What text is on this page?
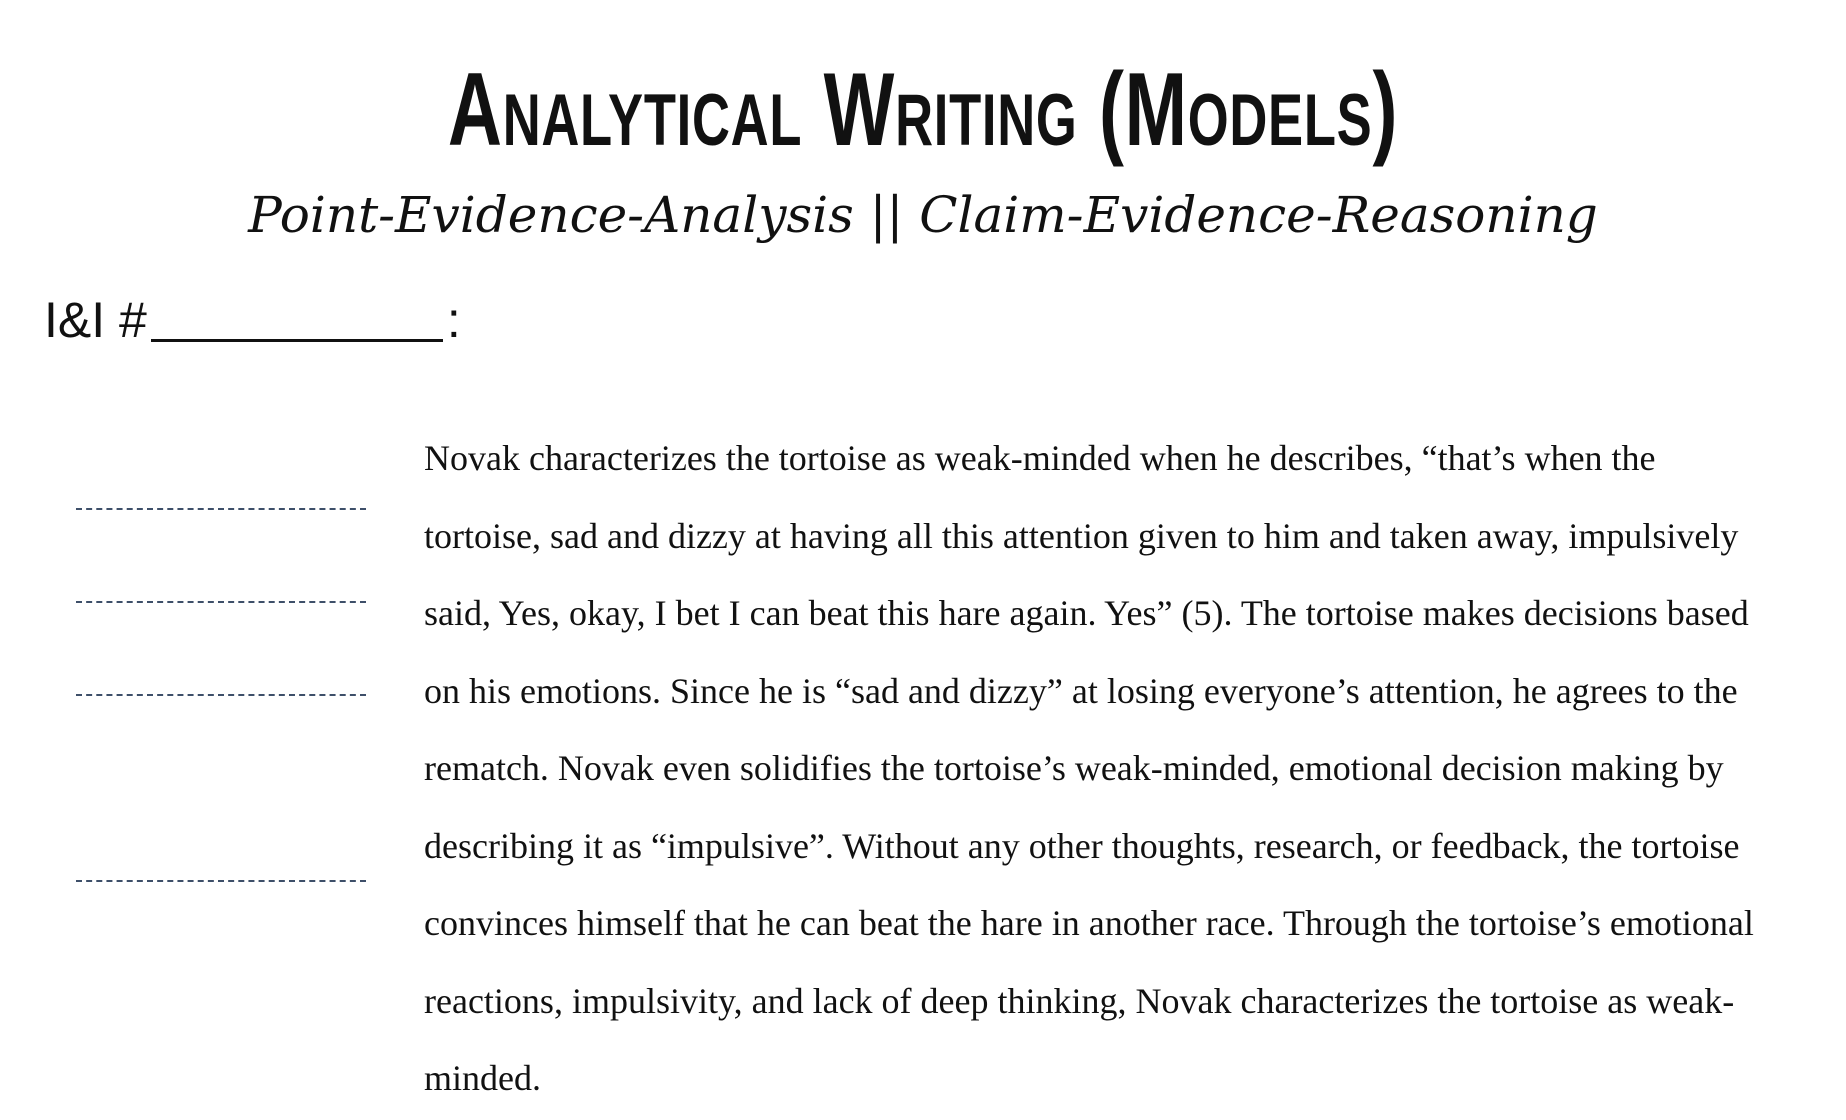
Analytical Writing (Models)
Point-Evidence-Analysis || Claim-Evidence-Reasoning
I&I #	:
Novak characterizes the tortoise as weak-minded when he describes, “that’s when the
tortoise, sad and dizzy at having all this attention given to him and taken away, impulsively
said, Yes, okay, I bet I can beat this hare again. Yes” (5). The tortoise makes decisions based
on his emotions. Since he is “sad and dizzy” at losing everyone’s attention, he agrees to the
rematch. Novak even solidifies the tortoise’s weak-minded, emotional decision making by
describing it as “impulsive”. Without any other thoughts, research, or feedback, the tortoise
convinces himself that he can beat the hare in another race. Through the tortoise’s emotional
reactions, impulsivity, and lack of deep thinking, Novak characterizes the tortoise as weak-
minded.
